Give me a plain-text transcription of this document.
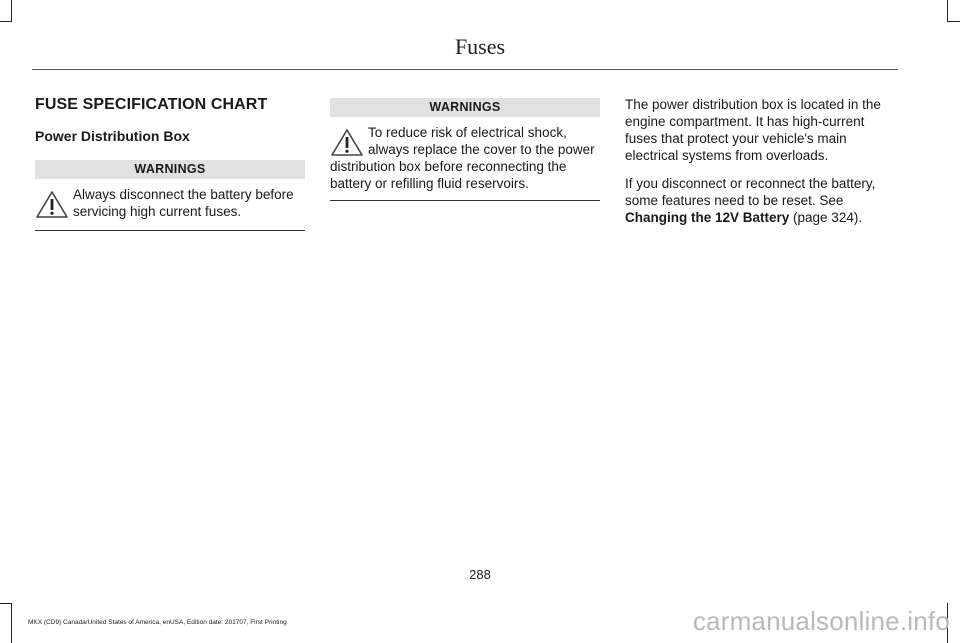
Fuses
FUSE SPECIFICATION CHART
Power Distribution Box
WARNINGS
Always disconnect the battery before servicing high current fuses.
WARNINGS
To reduce risk of electrical shock, always replace the cover to the power distribution box before reconnecting the battery or refilling fluid reservoirs.

The power distribution box is located in the engine compartment. It has high-current fuses that protect your vehicle's main electrical systems from overloads.

If you disconnect or reconnect the battery, some features need to be reset. See Changing the 12V Battery (page 324).

288
MKX (CD9) Canada/United States of America, enUSA, Edition date: 201707, First Printing	carmanualsonline.info
